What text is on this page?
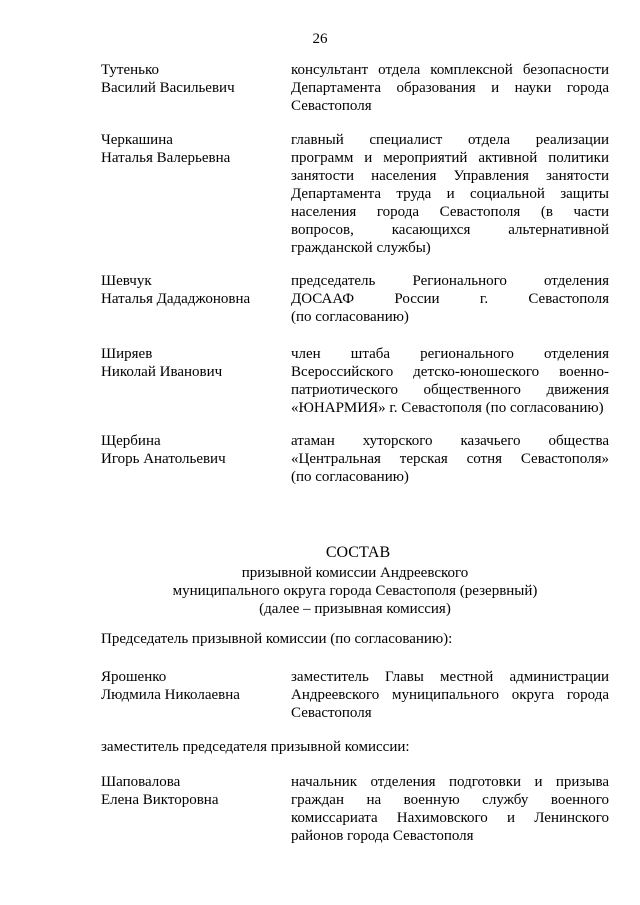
26
Тутенько
Василий Васильевич
консультант отдела комплексной безопасности
Департамента образования и науки города
Севастополя
Черкашина
Наталья Валерьевна
главный специалист отдела реализации
программ и мероприятий активной политики
занятости населения Управления занятости
Департамента труда и социальной защиты
населения города Севастополя (в части
вопросов, касающихся альтернативной
гражданской службы)
Шевчук
Наталья Дададжоновна
председатель Регионального отделения
ДОСААФ России г. Севастополя
(по согласованию)
Ширяев
Николай Иванович
член штаба регионального отделения
Всероссийского детско-юношеского военно-
патриотического общественного движения
«ЮНАРМИЯ» г. Севастополя (по согласованию)
Щербина
Игорь Анатольевич
атаман хуторского казачьего общества
«Центральная терская сотня Севастополя»
(по согласованию)
СОСТАВ
призывной комиссии Андреевского
муниципального округа города Севастополя (резервный)
(далее – призывная комиссия)
Председатель призывной комиссии (по согласованию):
Ярошенко
Людмила Николаевна
заместитель Главы местной администрации
Андреевского муниципального округа города
Севастополя
заместитель председателя призывной комиссии:
Шаповалова
Елена Викторовна
начальник отделения подготовки и призыва
граждан на военную службу военного
комиссариата Нахимовского и Ленинского
районов города Севастополя
